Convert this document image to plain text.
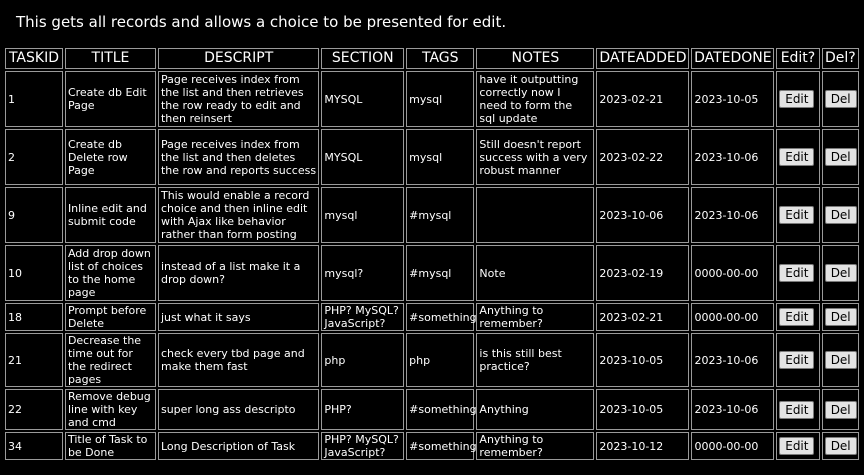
This gets all records and allows a choice to be presented for edit.
TASKID	TITLE	DESCRIPT	SECTION	TAGS	NOTES	DATEADDED	DATEDONE	Edit?	Del?
1	Create db Edit Page	Page receives index from the list and then retrieves the row ready to edit and then reinsert	MYSQL	mysql	have it outputting correctly now I need to form the sql update	2023-02-21	2023-10-05	Edit	Del
2	Create db Delete row Page	Page receives index from the list and then deletes the row and reports success	MYSQL	mysql	Still doesn't report success with a very robust manner	2023-02-22	2023-10-06	Edit	Del
9	Inline edit and submit code	This would enable a record choice and then inline edit with Ajax like behavior rather than form posting	mysql	#mysql		2023-10-06	2023-10-06	Edit	Del
10	Add drop down list of choices to the home page	instead of a list make it a drop down?	mysql?	#mysql	Note	2023-02-19	0000-00-00	Edit	Del
18	Prompt before Delete	just what it says	PHP? MySQL? JavaScript?	#something	Anything to remember?	2023-02-21	0000-00-00	Edit	Del
21	Decrease the time out for the redirect pages	check every tbd page and make them fast	php	php	is this still best practice?	2023-10-05	2023-10-06	Edit	Del
22	Remove debug line with key and cmd	super long ass descripto	PHP?	#something	Anything	2023-10-05	2023-10-06	Edit	Del
34	Title of Task to be Done	Long Description of Task	PHP? MySQL? JavaScript?	#something	Anything to remember?	2023-10-12	0000-00-00	Edit	Del
